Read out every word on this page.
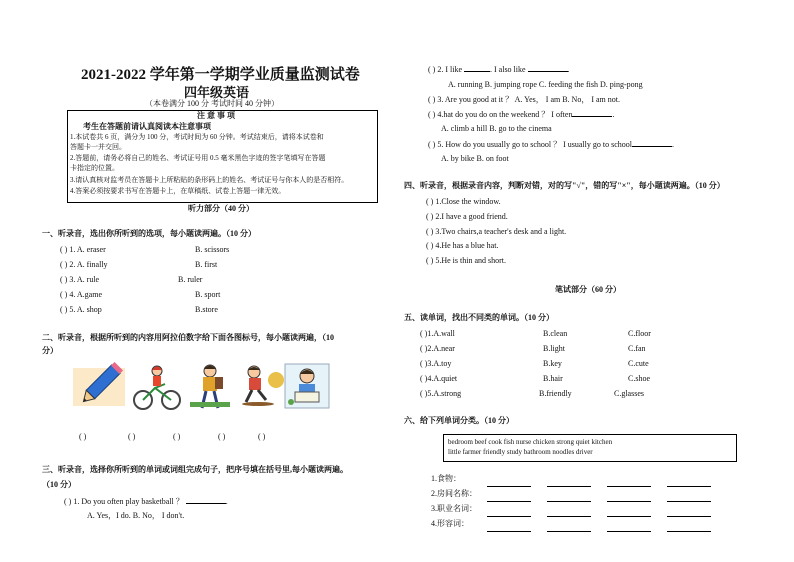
2021-2022 学年第一学期学业质量监测试卷
四年级英语
（本卷满分 100 分 考试时间 40 分钟）
注 意 事 项
考生在答题前请认真阅读本注意事项
1.本试卷共 6 页，满分为 100 分，考试时间为 60 分钟。考试结束后，请将本试卷和
答题卡一并交回。
2.答题前，请务必将自己的姓名、考试证号用 0.5 毫米黑色字迹的签字笔填写在答题
卡指定的位置。
3.请认真核对监考员在答题卡上所粘贴的条形码上的姓名、考试证号与你本人的是否相符。
4.答案必须按要求书写在答题卡上，在草稿纸、试卷上答题一律无效。
听力部分（40 分）
一、听录音，选出你所听到的选项，每小题读两遍。（10 分）
( ) 1. A. eraser	B. scissors
( ) 2. A. finally	B. first
( ) 3. A. rule	B. ruler
( ) 4. A.game	B. sport
( ) 5. A. shop	B.store
二、听录音，根据所听到的内容用阿拉伯数字给下面各图标号，每小题读两遍，（10
分）
( )	( )	( )	( )	( )
三、听录音，选择你所听到的单词或词组完成句子，把序号填在括号里,每小题读两遍。
（10 分）
( ) 1. Do you often play basketball ？	.
A. Yes，I do. B. No， I don't.
( ) 2. I like	. I also like	.
A. running B. jumping rope C. feeding the fish D. ping-pong
( ) 3. Are you good at it ？ A. Yes， I am B. No， I am not.
( ) 4.hat do you do on the weekend ？ I often	.
A. climb a hill B. go to the cinema
( ) 5. How do you usually go to school ？ I usually go to school	.
A. by bike B. on foot
四、听录音，根据录音内容，判断对错，对的写"√"，错的写"×"，每小题读两遍。（10 分）
( ) 1.Close the window.
( ) 2.I have a good friend.
( ) 3.Two chairs,a teacher's desk and a light.
( ) 4.He has a blue hat.
( ) 5.He is thin and short.
笔试部分（60 分）
五、读单词，找出不同类的单词。（10 分）
( )1.A.wall	B.clean	C.floor
( )2.A.near	B.light	C.fan
( )3.A.toy	B.key	C.cute
( )4.A.quiet	B.hair	C.shoe
( )5.A.strong	B.friendly	C.glasses
六、给下列单词分类。（10 分）
bedroom beef cook fish nurse chicken strong quiet kitchen
little farmer friendly study bathroom noodles driver
1.食物：
2.房间名称：
3.职业名词：
4.形容词：
